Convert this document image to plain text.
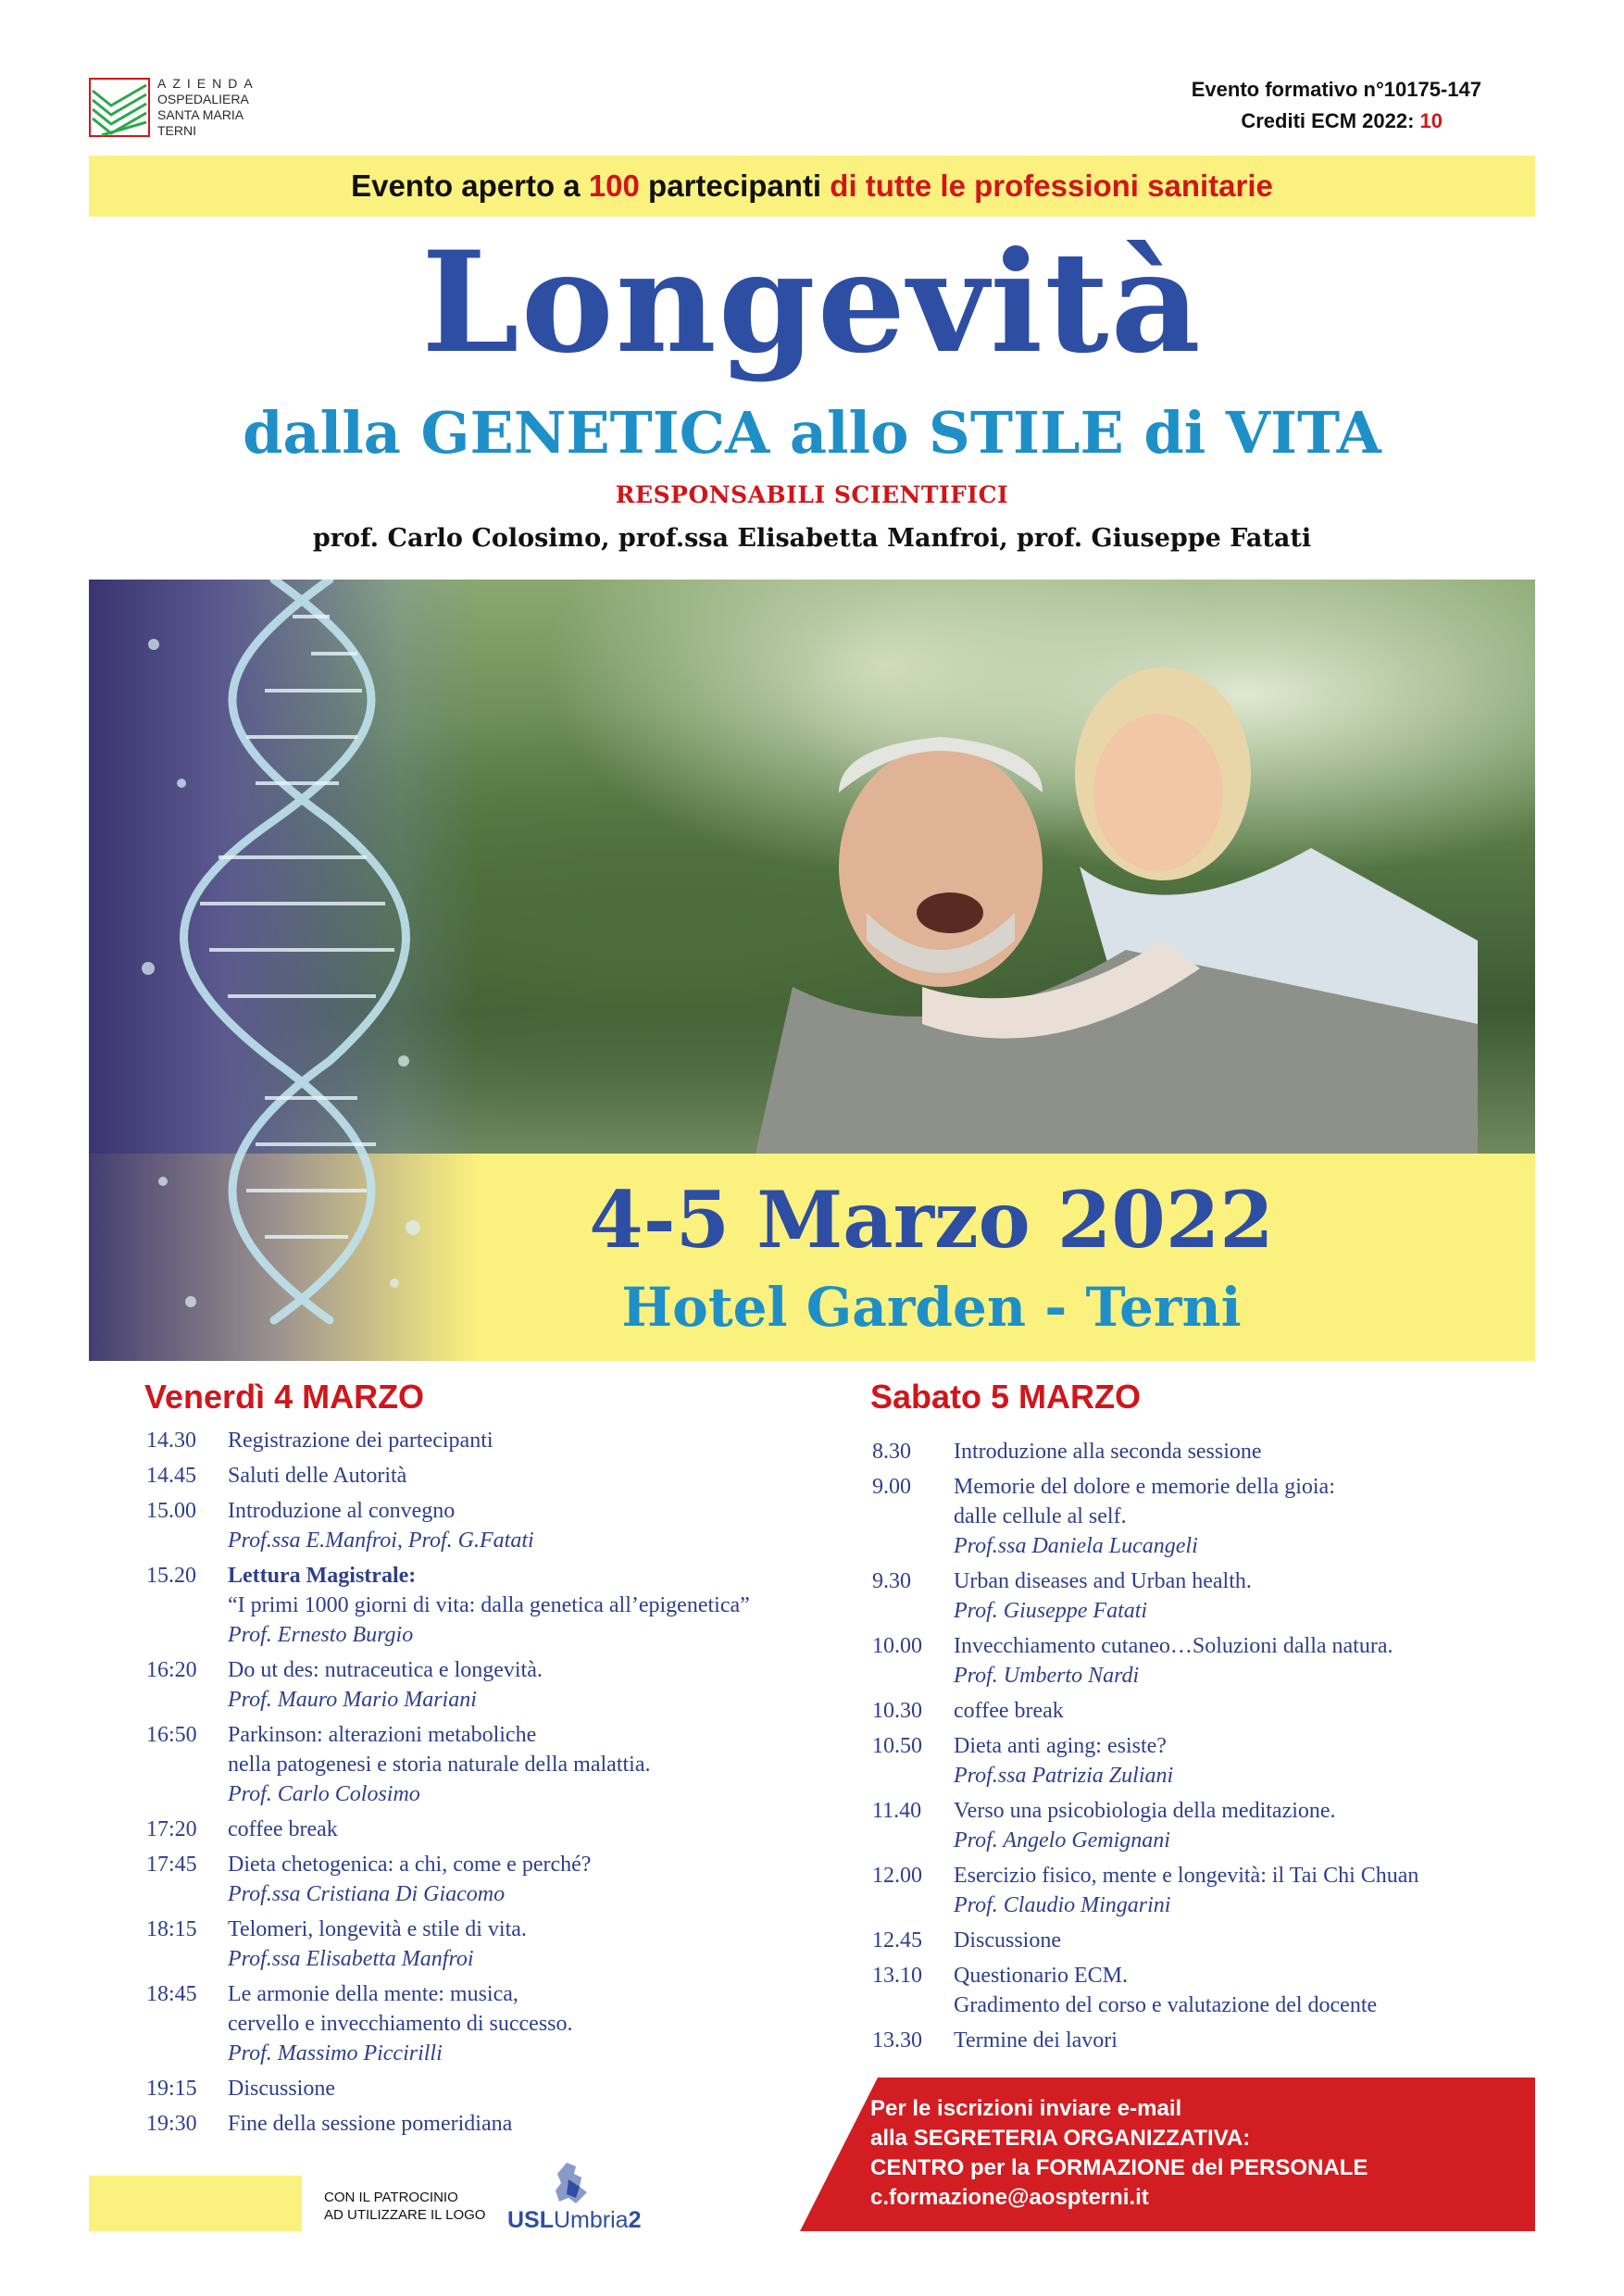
AZIENDA
OSPEDALIERA
SANTA MARIA
TERNI
Evento formativo n°10175-147
Crediti ECM 2022: 10
Evento aperto a 100 partecipanti di tutte le professioni sanitarie
Longevità
dalla GENETICA allo STILE di VITA
RESPONSABILI SCIENTIFICI
prof. Carlo Colosimo, prof.ssa Elisabetta Manfroi, prof. Giuseppe Fatati
4-5 Marzo 2022
Hotel Garden - Terni
Venerdì 4 MARZO	Sabato 5 MARZO
14.30	Registrazione dei partecipanti
14.45	Saluti delle Autorità
15.00	Introduzione al convegno
Prof.ssa E.Manfroi, Prof. G.Fatati
15.20	Lettura Magistrale:
“I primi 1000 giorni di vita: dalla genetica all’epigenetica”
Prof. Ernesto Burgio
16:20	Do ut des: nutraceutica e longevità.
Prof. Mauro Mario Mariani
16:50	Parkinson: alterazioni metaboliche
nella patogenesi e storia naturale della malattia.
Prof. Carlo Colosimo
17:20	coffee break
17:45	Dieta chetogenica: a chi, come e perché?
Prof.ssa Cristiana Di Giacomo
18:15	Telomeri, longevità e stile di vita.
Prof.ssa Elisabetta Manfroi
18:45	Le armonie della mente: musica,
cervello e invecchiamento di successo.
Prof. Massimo Piccirilli
19:15	Discussione
19:30	Fine della sessione pomeridiana
8.30	Introduzione alla seconda sessione
9.00	Memorie del dolore e memorie della gioia:
dalle cellule al self.
Prof.ssa Daniela Lucangeli
9.30	Urban diseases and Urban health.
Prof. Giuseppe Fatati
10.00	Invecchiamento cutaneo…Soluzioni dalla natura.
Prof. Umberto Nardi
10.30	coffee break
10.50	Dieta anti aging: esiste?
Prof.ssa Patrizia Zuliani
11.40	Verso una psicobiologia della meditazione.
Prof. Angelo Gemignani
12.00	Esercizio fisico, mente e longevità: il Tai Chi Chuan
Prof. Claudio Mingarini
12.45	Discussione
13.10	Questionario ECM.
Gradimento del corso e valutazione del docente
13.30	Termine dei lavori
CON IL PATROCINIO
AD UTILIZZARE IL LOGO USLUmbria2
Per le iscrizioni inviare e-mail
alla SEGRETERIA ORGANIZZATIVA:
CENTRO per la FORMAZIONE del PERSONALE
c.formazione@aospterni.it
